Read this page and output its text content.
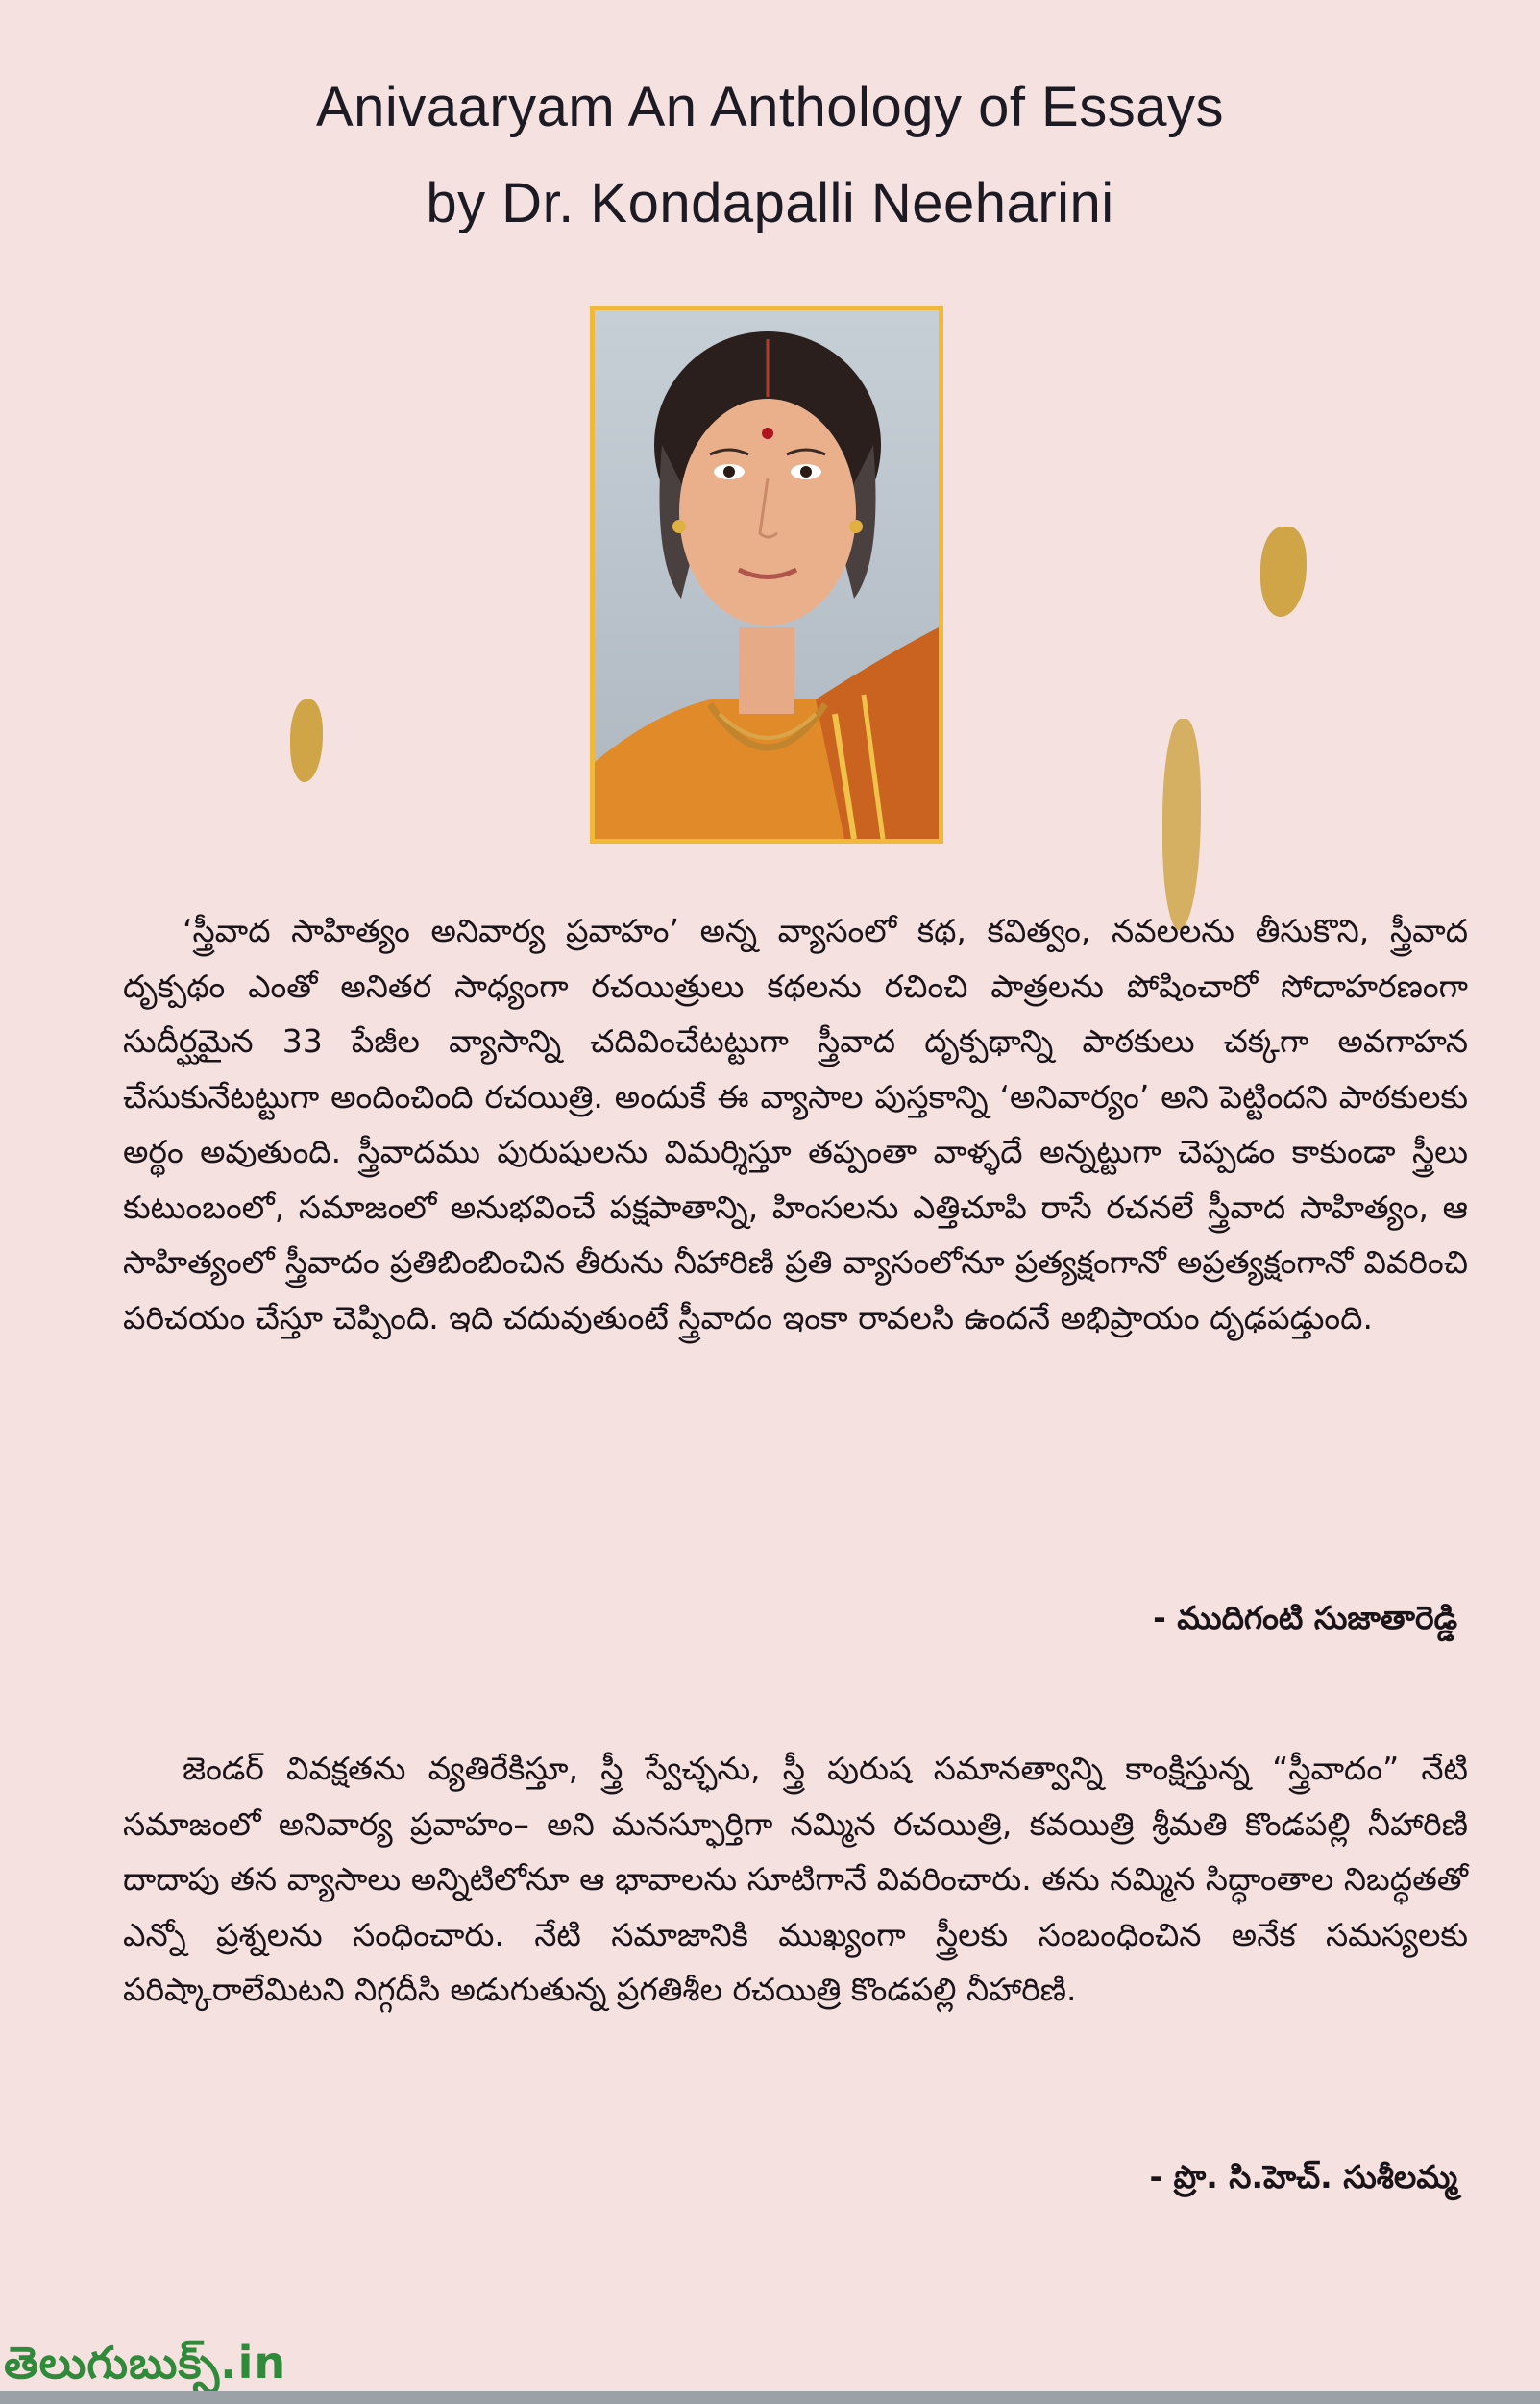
Anivaaryam An Anthology of Essays
by Dr. Kondapalli Neeharini

‘స్త్రీవాద సాహిత్యం అనివార్య ప్రవాహం’ అన్న వ్యాసంలో కథ, కవిత్వం, నవలలను తీసుకొని, స్త్రీవాద దృక్పథం ఎంతో అనితర సాధ్యంగా రచయిత్రులు కథలను రచించి పాత్రలను పోషించారో సోదాహరణంగా సుదీర్ఘమైన 33 పేజీల వ్యాసాన్ని చదివించేటట్టుగా స్త్రీవాద దృక్పథాన్ని పాఠకులు చక్కగా అవగాహన చేసుకునేటట్టుగా అందించింది రచయిత్రి. అందుకే ఈ వ్యాసాల పుస్తకాన్ని ‘అనివార్యం’ అని పెట్టిందని పాఠకులకు అర్థం అవుతుంది. స్త్రీవాదము పురుషులను విమర్శిస్తూ తప్పంతా వాళ్ళదే అన్నట్టుగా చెప్పడం కాకుండా స్త్రీలు కుటుంబంలో, సమాజంలో అనుభవించే పక్షపాతాన్ని, హింసలను ఎత్తిచూపి రాసే రచనలే స్త్రీవాద సాహిత్యం, ఆ సాహిత్యంలో స్త్రీవాదం ప్రతిబింబించిన తీరును నీహారిణి ప్రతి వ్యాసంలోనూ ప్రత్యక్షంగానో అప్రత్యక్షంగానో వివరించి పరిచయం చేస్తూ చెప్పింది. ఇది చదువుతుంటే స్త్రీవాదం ఇంకా రావలసి ఉందనే అభిప్రాయం దృఢపడ్తుంది.

- ముదిగంటి సుజాతారెడ్డి

జెండర్ వివక్షతను వ్యతిరేకిస్తూ, స్త్రీ స్వేచ్ఛను, స్త్రీ పురుష సమానత్వాన్ని కాంక్షిస్తున్న “స్త్రీవాదం” నేటి సమాజంలో అనివార్య ప్రవాహం– అని మనస్ఫూర్తిగా నమ్మిన రచయిత్రి, కవయిత్రి శ్రీమతి కొండపల్లి నీహారిణి దాదాపు తన వ్యాసాలు అన్నిటిలోనూ ఆ భావాలను సూటిగానే వివరించారు. తను నమ్మిన సిద్ధాంతాల నిబద్ధతతో ఎన్నో ప్రశ్నలను సంధించారు. నేటి సమాజానికి ముఖ్యంగా స్త్రీలకు సంబంధించిన అనేక సమస్యలకు పరిష్కారాలేమిటని నిగ్గదీసి అడుగుతున్న ప్రగతిశీల రచయిత్రి కొండపల్లి నీహారిణి.

- ప్రొ. సి.హెచ్. సుశీలమ్మ
తెలుగుబుక్స్.in
